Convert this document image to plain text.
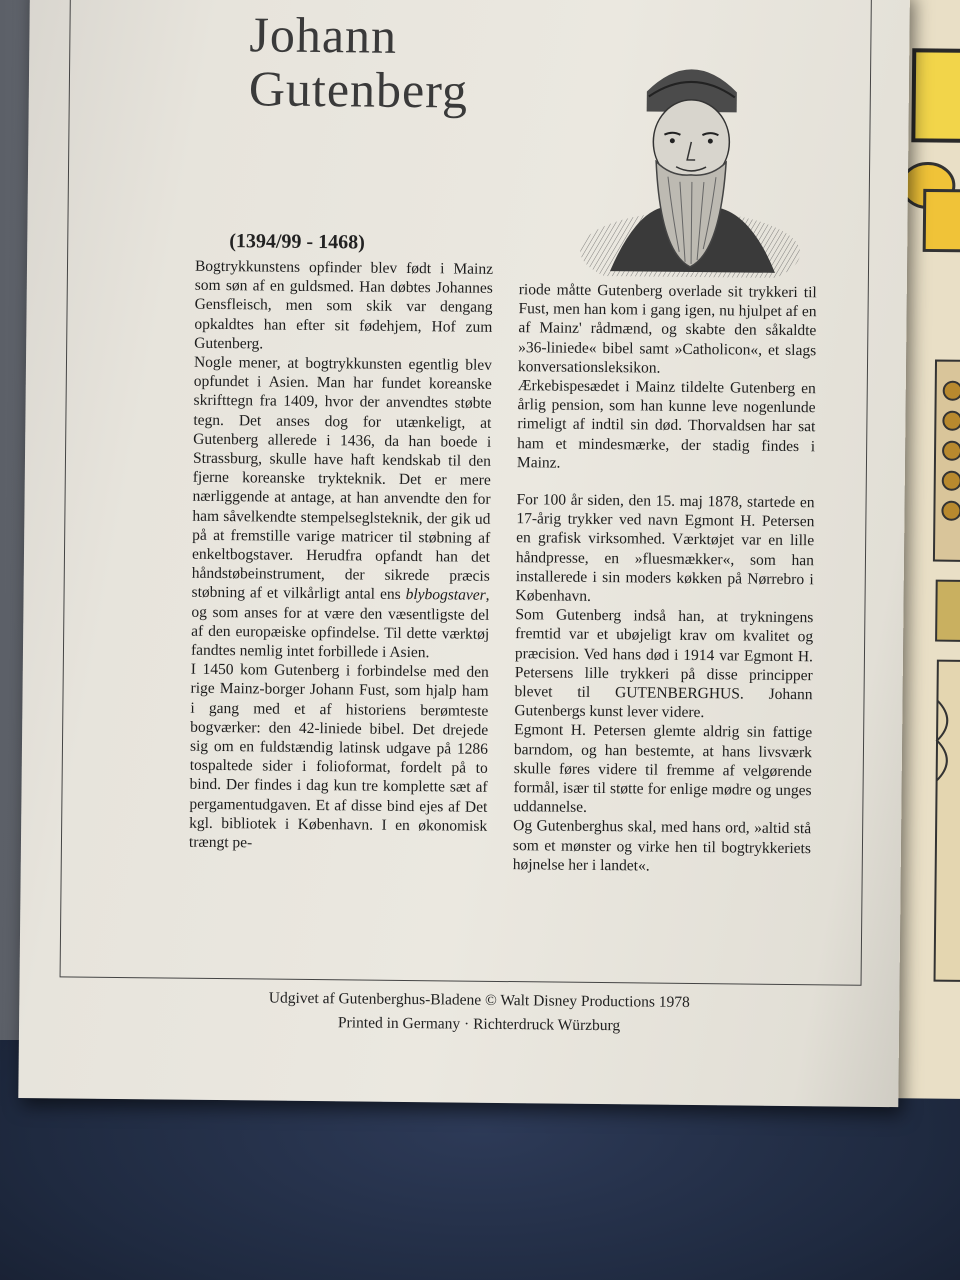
Johann
Gutenberg
(1394/99 - 1468)

Bogtrykkunstens opfinder blev født i Mainz som søn af en guldsmed. Han døbtes Johannes Gensfleisch, men som skik var dengang opkaldtes han efter sit fødehjem, Hof zum Gutenberg.

Nogle mener, at bogtrykkunsten egentlig blev opfundet i Asien. Man har fundet koreanske skrifttegn fra 1409, hvor der anvendtes støbte tegn. Det anses dog for utænkeligt, at Gutenberg allerede i 1436, da han boede i Strassburg, skulle have haft kendskab til den fjerne koreanske trykteknik. Det er mere nærliggende at antage, at han anvendte den for ham såvelkendte stempelseglsteknik, der gik ud på at fremstille varige matricer til støbning af enkeltbogstaver. Herudfra opfandt han det håndstøbeinstrument, der sikrede præcis støbning af et vilkårligt antal ens blybogstaver, og som anses for at være den væsentligste del af den europæiske opfindelse. Til dette værktøj fandtes nemlig intet forbillede i Asien.

I 1450 kom Gutenberg i forbindelse med den rige Mainz-borger Johann Fust, som hjalp ham i gang med et af historiens berømteste bogværker: den 42-liniede bibel. Det drejede sig om en fuldstændig latinsk udgave på 1286 tospaltede sider i folioformat, fordelt på to bind. Der findes i dag kun tre komplette sæt af pergamentudgaven. Et af disse bind ejes af Det kgl. bibliotek i København. I en økonomisk trængt pe-

riode måtte Gutenberg overlade sit trykkeri til Fust, men han kom i gang igen, nu hjulpet af en af Mainz' rådmænd, og skabte den såkaldte »36-liniede« bibel samt »Catholicon«, et slags konversationsleksikon.

Ærkebispesædet i Mainz tildelte Gutenberg en årlig pension, som han kunne leve nogenlunde rimeligt af indtil sin død. Thorvaldsen har sat ham et mindesmærke, der stadig findes i Mainz.

For 100 år siden, den 15. maj 1878, startede en 17-årig trykker ved navn Egmont H. Petersen en grafisk virksomhed. Værktøjet var en lille håndpresse, en »fluesmækker«, som han installerede i sin moders køkken på Nørrebro i København.

Som Gutenberg indså han, at trykningens fremtid var et ubøjeligt krav om kvalitet og præcision. Ved hans død i 1914 var Egmont H. Petersens lille trykkeri på disse principper blevet til GUTENBERGHUS. Johann Gutenbergs kunst lever videre.

Egmont H. Petersen glemte aldrig sin fattige barndom, og han bestemte, at hans livsværk skulle føres videre til fremme af velgørende formål, især til støtte for enlige mødre og unges uddannelse.

Og Gutenberghus skal, med hans ord, »altid stå som et mønster og virke hen til bogtrykkeriets højnelse her i landet«.

Udgivet af Gutenberghus-Bladene © Walt Disney Productions 1978
Printed in Germany · Richterdruck Würzburg
